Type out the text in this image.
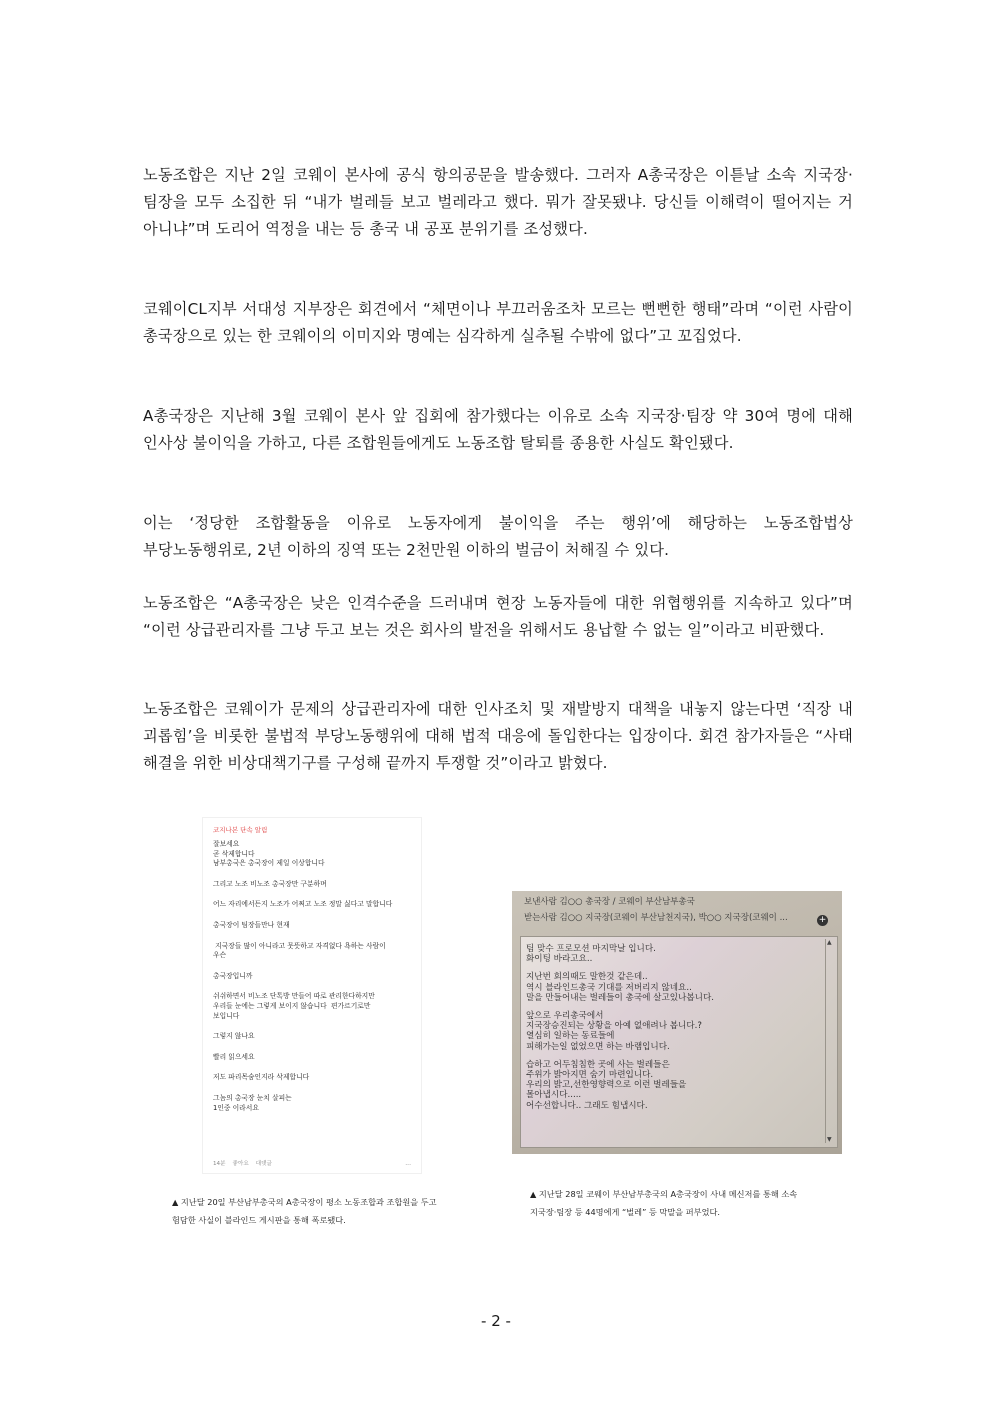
노동조합은 지난 2일 코웨이 본사에 공식 항의공문을 발송했다. 그러자 A총국장은 이튿날 소속 지국장·팀장을 모두 소집한 뒤 “내가 벌레들 보고 벌레라고 했다. 뭐가 잘못됐냐. 당신들 이해력이 떨어지는 거 아니냐”며 도리어 역정을 내는 등 총국 내 공포 분위기를 조성했다.

코웨이CL지부 서대성 지부장은 회견에서 “체면이나 부끄러움조차 모르는 뻔뻔한 행태”라며 “이런 사람이 총국장으로 있는 한 코웨이의 이미지와 명예는 심각하게 실추될 수밖에 없다”고 꼬집었다.

A총국장은 지난해 3월 코웨이 본사 앞 집회에 참가했다는 이유로 소속 지국장·팀장 약 30여 명에 대해 인사상 불이익을 가하고, 다른 조합원들에게도 노동조합 탈퇴를 종용한 사실도 확인됐다.

이는 ‘정당한 조합활동을 이유로 노동자에게 불이익을 주는 행위’에 해당하는 노동조합법상 부당노동행위로, 2년 이하의 징역 또는 2천만원 이하의 벌금이 처해질 수 있다.

노동조합은 “A총국장은 낮은 인격수준을 드러내며 현장 노동자들에 대한 위협행위를 지속하고 있다”며 “이런 상급관리자를 그냥 두고 보는 것은 회사의 발전을 위해서도 용납할 수 없는 일”이라고 비판했다.

노동조합은 코웨이가 문제의 상급관리자에 대한 인사조치 및 재발방지 대책을 내놓지 않는다면 ‘직장 내 괴롭힘’을 비롯한 불법적 부당노동행위에 대해 법적 대응에 돌입한다는 입장이다. 회견 참가자들은 “사태 해결을 위한 비상대책기구를 구성해 끝까지 투쟁할 것”이라고 밝혔다.

코지나본 단속 알림
잘보세요
곧 삭제합니다
남부총국은 총국장이 제일 이상합니다
그리고 노조 비노조 총국장만 구분하며
어느 자리에서든지 노조가 어쩌고 노조 정말 싫다고 말합니다
총국장이 팀장들만나 현재
지국장들 많이 아니라고 뭇뜻하고 자격없다 욕하는 사람이
우슨
총국장입니까
쉬쉬하면서 비노조 단톡방 만들어 따로 관리한다하지만
우리들 눈에는 그렇게 보이지 않습니다  편가르기로만
보입니다
그렇지 않나요
빨리 읽으세요
저도 파리목숨인지라 삭제합니다
그놈의 총국장 눈치 살피는
1인중 이라서요
14분 좋아요 대댓글	...
보낸사람 김○○ 총국장 / 코웨이 부산남부총국
받는사람 김○○ 지국장(코웨이 부산남천지국), 박○○ 지국장(코웨이 ...	+
팀 맞수 프로모션 마지막날 입니다.
화이팅 바라고요..
지난번 회의때도 말한것 같은데..
역시 블라인드총국 기대를 저버리지 않네요..
말을 만들어내는 벌레들이 총국에 살고있나봅니다.
앞으로 우리총국에서
지국장승진되는 상황을 아예 없애려나 봅니다.?
열심히 일하는 동료들에
피해가는일 없었으면 하는 바램입니다.
습하고 어두침침한 곳에 사는 벌레들은
주위가 밝아지면 숨기 마련입니다.
우리의 밝고,선한영향력으로 이런 벌레들을
몰아냅시다.....
어수선합니다.. 그래도 힘냅시다.
▲
▼

▲ 지난달 20일 부산남부총국의 A총국장이 평소 노동조합과 조합원을 두고 험담한 사실이 블라인드 게시판을 통해 폭로됐다.

▲ 지난달 28일 코웨이 부산남부총국의 A총국장이 사내 메신저를 통해 소속 지국장·팀장 등 44명에게 “벌레” 등 막말을 퍼부었다.

- 2 -
